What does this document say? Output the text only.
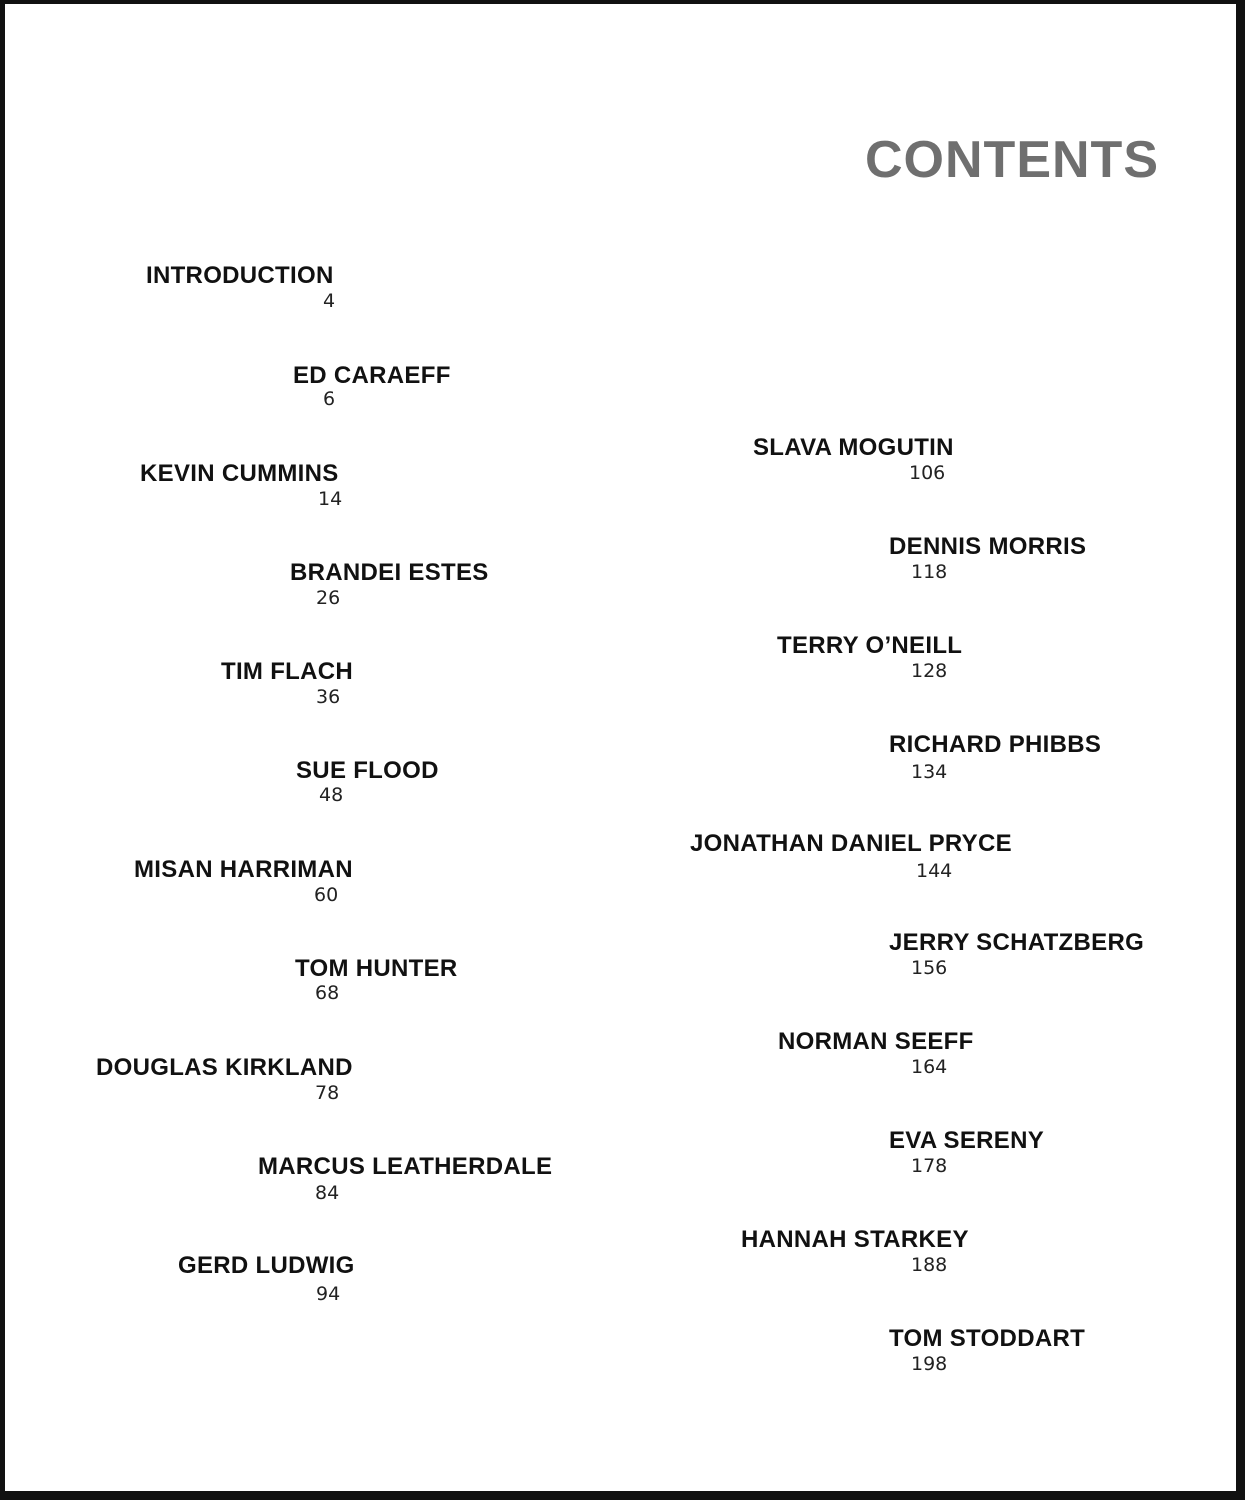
CONTENTS
INTRODUCTION
4
ED CARAEFF
6
KEVIN CUMMINS
14
BRANDEI ESTES
26
TIM FLACH
36
SUE FLOOD
48
MISAN HARRIMAN
60
TOM HUNTER
68
DOUGLAS KIRKLAND
78
MARCUS LEATHERDALE
84
GERD LUDWIG
94
SLAVA MOGUTIN
106
DENNIS MORRIS
118
TERRY O’NEILL
128
RICHARD PHIBBS
134
JONATHAN DANIEL PRYCE
144
JERRY SCHATZBERG
156
NORMAN SEEFF
164
EVA SERENY
178
HANNAH STARKEY
188
TOM STODDART
198
